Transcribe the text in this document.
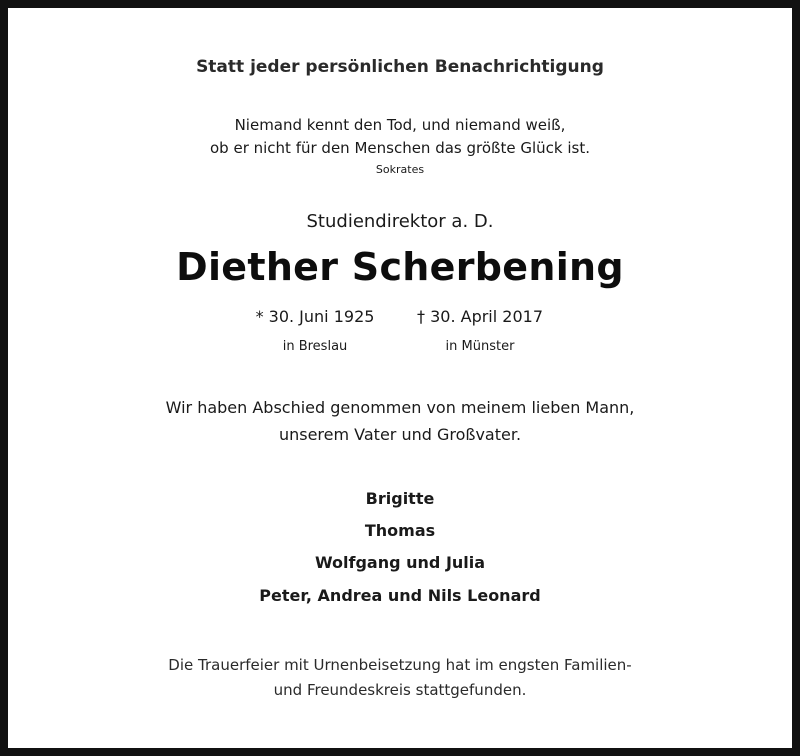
Statt jeder persönlichen Benachrichtigung
Niemand kennt den Tod, und niemand weiß,
ob er nicht für den Menschen das größte Glück ist.
Sokrates
Studiendirektor a. D.
Diether Scherbening
* 30. Juni 1925	† 30. April 2017
in Breslau	in Münster
Wir haben Abschied genommen von meinem lieben Mann,
unserem Vater und Großvater.
Brigitte
Thomas
Wolfgang und Julia
Peter, Andrea und Nils Leonard
Die Trauerfeier mit Urnenbeisetzung hat im engsten Familien-
und Freundeskreis stattgefunden.
